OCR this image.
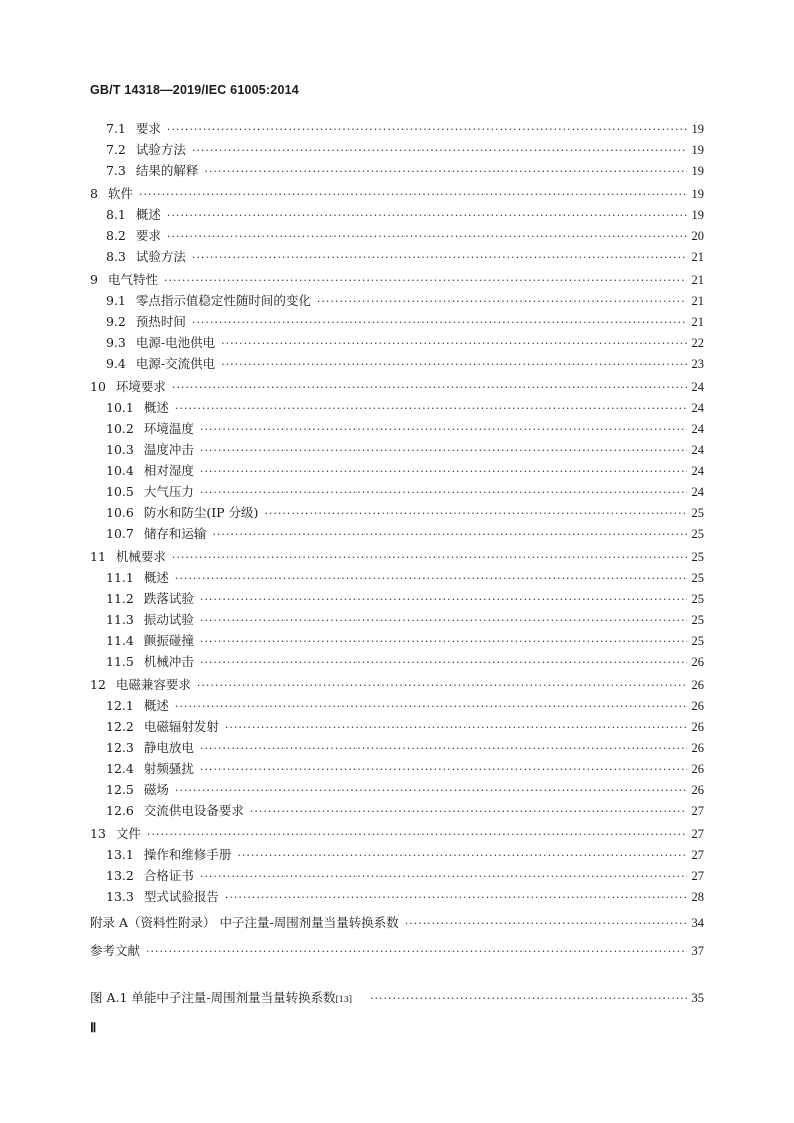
GB/T 14318—2019/IEC 61005:2014
7.1 要求 ·····	19
7.2 试验方法 ·····	19
7.3 结果的解释 ·····	19
8 软件 ·····	19
8.1 概述 ·····	19
8.2 要求 ·····	20
8.3 试验方法 ·····	21
9 电气特性 ·····	21
9.1 零点指示值稳定性随时间的变化 ·····	21
9.2 预热时间 ·····	21
9.3 电源-电池供电 ·····	22
9.4 电源-交流供电 ·····	23
10 环境要求 ·····	24
10.1 概述 ·····	24
10.2 环境温度 ·····	24
10.3 温度冲击 ·····	24
10.4 相对湿度 ·····	24
10.5 大气压力 ·····	24
10.6 防水和防尘(IP 分级) ·····	25
10.7 储存和运输 ·····	25
11 机械要求 ·····	25
11.1 概述 ·····	25
11.2 跌落试验 ·····	25
11.3 振动试验 ·····	25
11.4 颤振碰撞 ·····	25
11.5 机械冲击 ·····	26
12 电磁兼容要求 ·····	26
12.1 概述 ·····	26
12.2 电磁辐射发射 ·····	26
12.3 静电放电 ·····	26
12.4 射频骚扰 ·····	26
12.5 磁场 ·····	26
12.6 交流供电设备要求 ·····	27
13 文件 ·····	27
13.1 操作和维修手册 ·····	27
13.2 合格证书 ·····	27
13.3 型式试验报告 ·····	28
附录 A（资料性附录） 中子注量-周围剂量当量转换系数 ·····	34
参考文献 ·····	37
图 A.1 单能中子注量-周围剂量当量转换系数 [13] ·····	35
Ⅱ
